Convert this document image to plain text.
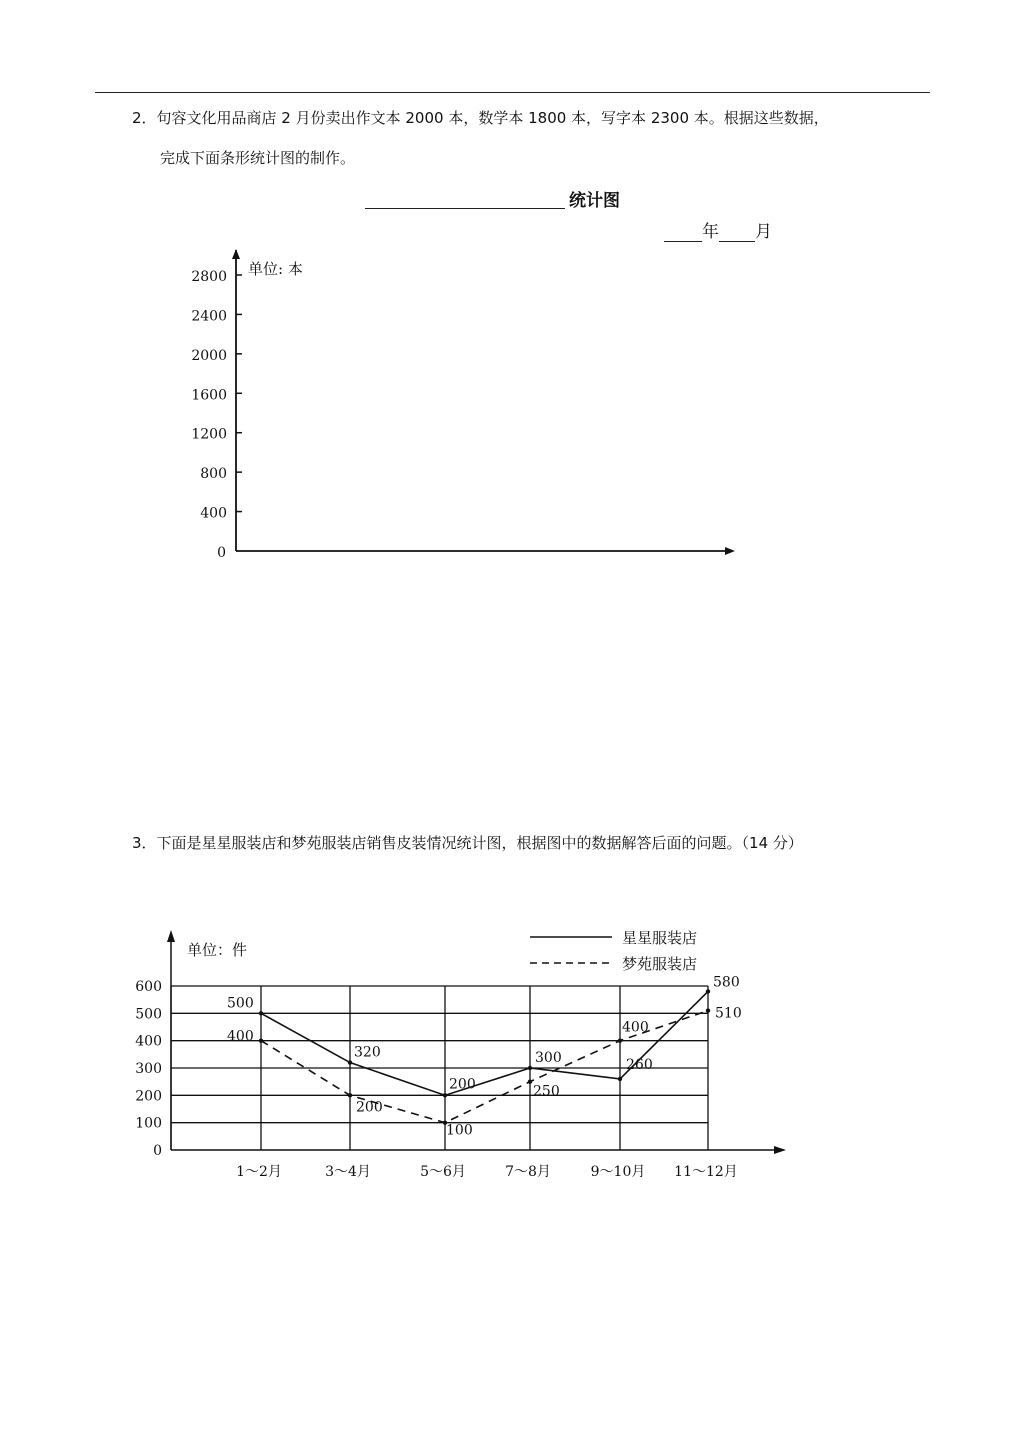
2．句容文化用品商店 2 月份卖出作文本 2000 本，数学本 1800 本，写字本 2300 本。根据这些数据，
完成下面条形统计图的制作。
统计图
年 月
3．下面是星星服装店和梦苑服装店销售皮装情况统计图，根据图中的数据解答后面的问题。（14 分）
0
400
800
1200
1600
2000
2400
2800 单位: 本
0
100
200
300
400
500
600
1～2月	3～4月	5～6月	7～8月	9～10月 11～12月
单位：件
星星服装店
梦苑服装店
500
320
200
300	260
580
400
200
100
250
400
510
